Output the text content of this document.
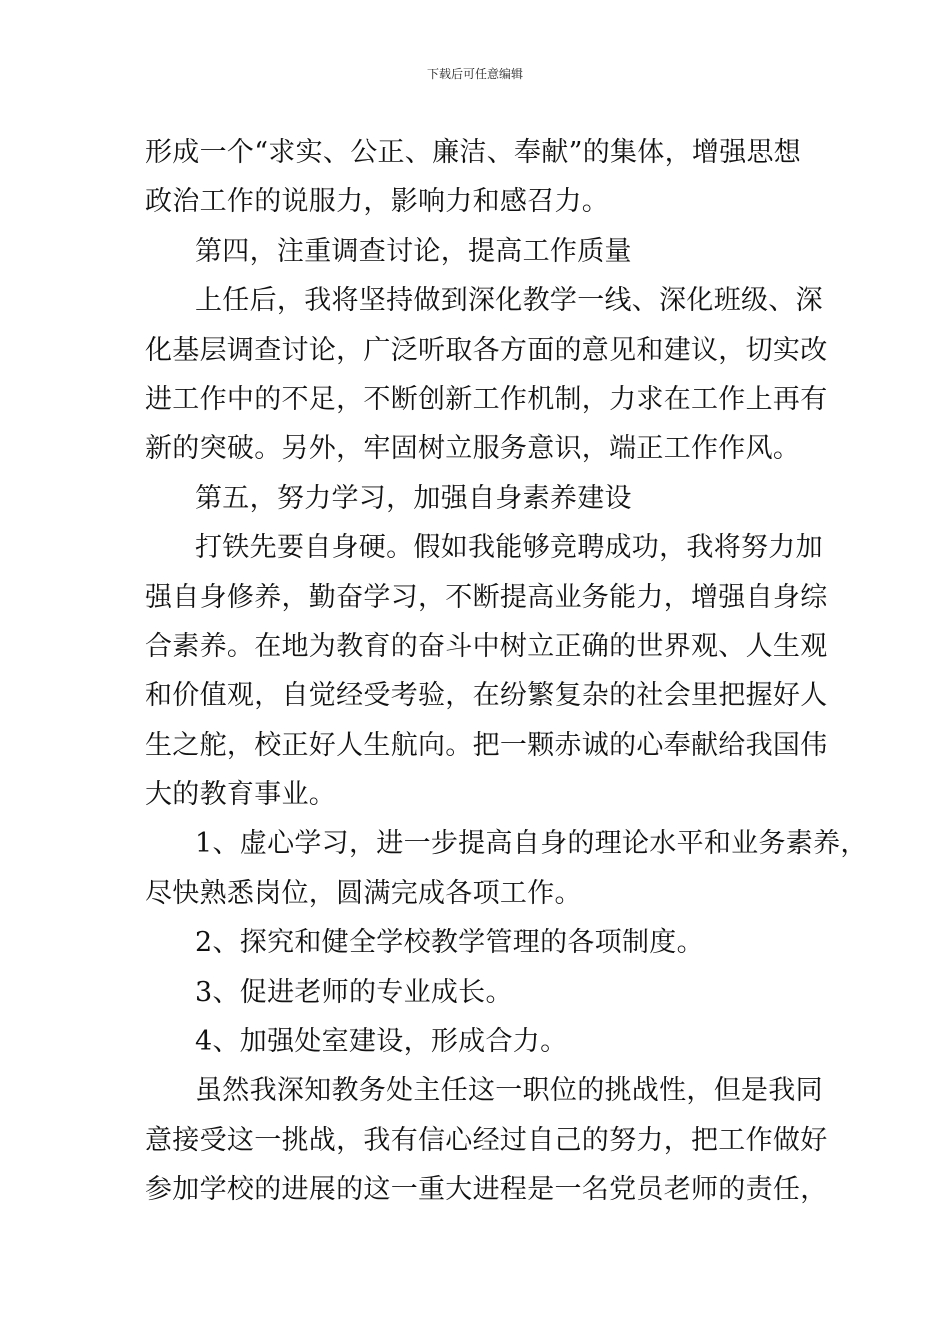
下载后可任意编辑
形成一个“求实、公正、廉洁、奉献”的集体，增强思想
政治工作的说服力，影响力和感召力。
第四，注重调查讨论，提高工作质量
上任后，我将坚持做到深化教学一线、深化班级、深
化基层调查讨论，广泛听取各方面的意见和建议，切实改
进工作中的不足，不断创新工作机制，力求在工作上再有
新的突破。另外，牢固树立服务意识，端正工作作风。
第五，努力学习，加强自身素养建设
打铁先要自身硬。假如我能够竞聘成功，我将努力加
强自身修养，勤奋学习，不断提高业务能力，增强自身综
合素养。在地为教育的奋斗中树立正确的世界观、人生观
和价值观，自觉经受考验，在纷繁复杂的社会里把握好人
生之舵，校正好人生航向。把一颗赤诚的心奉献给我国伟
大的教育事业。
1、虚心学习，进一步提高自身的理论水平和业务素养，
尽快熟悉岗位，圆满完成各项工作。
2、探究和健全学校教学管理的各项制度。
3、促进老师的专业成长。
4、加强处室建设，形成合力。
虽然我深知教务处主任这一职位的挑战性，但是我同
意接受这一挑战，我有信心经过自己的努力，把工作做好
参加学校的进展的这一重大进程是一名党员老师的责任，
